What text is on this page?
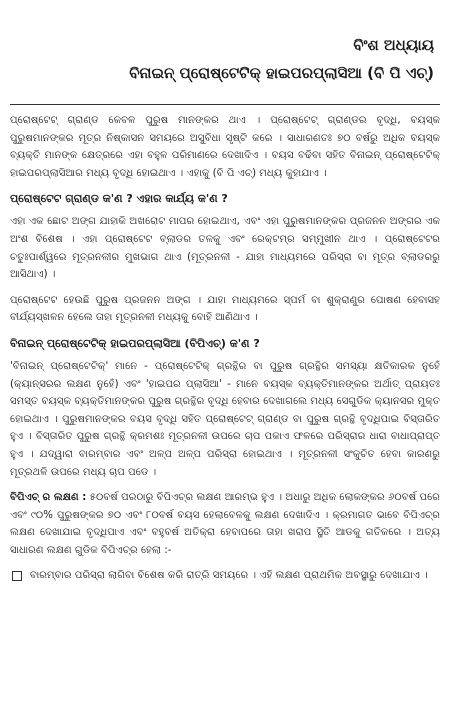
ବିଂଶ ଅଧ୍ୟାୟ
ବିନାଇନ୍ ପ୍ରୋଷ୍ଟେଟିକ୍ ହାଇପରପ୍ଲାସିଆ (ବି ପି ଏଚ୍)

ପ୍ରୋଷ୍ଟେଟ୍ ଗ୍ରାଣ୍ଡ କେବଳ ପୁରୁଷ ମାନଙ୍କର ଥାଏ । ପ୍ରୋଷ୍ଟେଟ୍ ଗ୍ରାଣ୍ଡର ବୃଦ୍ଧି, ବୟସ୍କ ପୁରୁଷମାନଙ୍କର ମୂତ୍ର ନିଷ୍କାସନ ସମୟରେ ଅସୁବିଧା ସୃଷ୍ଟି କରେ । ସାଧାରଣତଃ ୭୦ ବର୍ଷରୁ ଅଧିକ ବୟସ୍କ ବ୍ୟକ୍ତି ମାନଙ୍କ କ୍ଷେତ୍ରରେ ଏହା ବହୁଳ ପରିମାଣରେ ଦେଖାଦିଏ । ବୟସ ବଢିବା ସହିତ ବିନାଇନ୍ ପ୍ରୋଷ୍ଟେଟିକ୍ ହାଇପରପ୍ଲାସିଆର ମଧ୍ୟ ବୃଦ୍ଧି ହୋଇଥାଏ । ଏହାକୁ (ବି ପି ଏଚ୍) ମଧ୍ୟ କୁହାଯାଏ ।

ପ୍ରୋଷ୍ଟେଟ ଗ୍ରାଣ୍ଡ କ'ଣ ? ଏହାର କାର୍ଯ୍ୟ କ'ଣ ?

ଏହା ଏକ ଛୋଟ ଅଙ୍ଗ ଯାହାକି ଅଖରୋଟ ମାପର ହୋଇଥାଏ, ଏବଂ ଏହା ପୁରୁଷମାନଙ୍କର ପ୍ରଜନନ ଅଙ୍ଗର ଏକ ଅଂଶ ବିଶେଷ । ଏହା ପ୍ରୋଷ୍ଟେଟ ବ୍ଲାଡର ତଳକୁ ଏବଂ ରେକ୍ଟମ୍ର ସମ୍ମୁଖୀନ ଥାଏ । ପ୍ରୋଷ୍ଟେଟର ଚତୁଃପାର୍ଶ୍ୱରେ ମୂତ୍ରନଳୀର ମୁଖଭାଗ ଥାଏ (ମୂତ୍ରନଳୀ - ଯାହା ମାଧ୍ୟମରେ ପରିସ୍ରା ବା ମୂତ୍ର ବ୍ଲାଡରରୁ ଆସିଥାଏ) ।

ପ୍ରୋଷ୍ଟେଟ ହେଉଛି ପୁରୁଷ ପ୍ରଜନନ ଅଙ୍ଗ । ଯାହା ମାଧ୍ୟମରେ ସ୍ପର୍ମ ବା ଶୁକ୍ରାଣୁର ପୋଷଣ ହେବାସହ ବୀର୍ଯ୍ୟସ୍ଖଳନ ହେଲେ ତାହା ମୂତ୍ରନଳୀ ମଧ୍ୟକୁ ବୋହି ଆଣିଥାଏ ।

ବିନାଇନ୍ ପ୍ରୋଷ୍ଟେଟିକ୍ ହାଇପରପ୍ଲାସିଆ (ବିପିଏଚ୍) କ'ଣ ?

'ବିନାଇନ୍ ପ୍ରୋଷ୍ଟେଟିକ୍' ମାନେ - ପ୍ରୋଷ୍ଟେଟିକ୍ ଗ୍ରନ୍ଥିର ବା ପୁରୁଷ ଗ୍ରନ୍ଥିର ସମସ୍ୟା କ୍ଷତିକାରକ ନୁହେଁ (କ୍ୟାନ୍ସରର ଲକ୍ଷଣ ନୁହେଁ) ଏବଂ 'ହାଇପର ପ୍ଲାସିଆ' - ମାନେ ବୟସ୍କ ବ୍ୟକ୍ତିମାନଙ୍କର ଅର୍ଥାତ୍ ପ୍ରାୟତଃ ସମସ୍ତ ବୟସ୍କ ବ୍ୟକ୍ତିମାନଙ୍କର ପୁରୁଷ ଗ୍ରନ୍ଥିର ବୃଦ୍ଧି ହେବାର ଦେଖାଗଲେ ମଧ୍ୟ ସେଗୁଡିକ କ୍ୟାନସର ମୁକ୍ତ ହୋଇଥାଏ । ପୁରୁଷମାନଙ୍କର ବୟସ ବୃଦ୍ଧି ସହିତ ପ୍ରୋଷ୍ଟେଟ୍ ଗ୍ରାଣ୍ଡ ବା ପୁରୁଷ ଗ୍ରନ୍ଥି ବୃଦ୍ଧିପାଇ ବିସ୍ତାରିତ ହୁଏ । ବିସ୍ତାରିତ ପୁରୁଷ ଗ୍ରନ୍ଥି କ୍ରମଶଃ ମୂତ୍ରନଳୀ ଉପରେ ଚାପ ପକାଏ ଫଳରେ ପରିସ୍ରାର ଧାରା ବାଧାପ୍ରାପ୍ତ ହୁଏ । ଯଦ୍ୱାରା ବାରମ୍ବାର ଏବଂ ଅଳ୍ପ ଅଳ୍ପ ପରିସ୍ରା ହୋଇଥାଏ । ମୂତ୍ରନଳୀ ସଂକୁଚିତ ହେବା କାରଣରୁ ମୂତ୍ରଥଳି ଉପରେ ମଧ୍ୟ ଚାପ ପଡେ ।

ବିପିଏଚ୍ ର ଲକ୍ଷଣ : ୫୦ବର୍ଷ ପରଠାରୁ ବିପିଏଚ୍ର ଲକ୍ଷଣ ଆରମ୍ଭ ହୁଏ । ଅଧାରୁ ଅଧିକ ଲୋକଙ୍କର ୬୦ବର୍ଷ ପରେ ଏବଂ ୯୦% ପୁରୁଷଙ୍କର ୭୦ ଏବଂ ୮୦ବର୍ଷ ବୟସ ହେଲାବେଳକୁ ଲକ୍ଷଣ ଦେଖାଦିଏ । କ୍ରମାଗତ ଭାବେ ବିପିଏଚ୍ର ଲକ୍ଷଣ ଦେଖାଯାଇ ବୃଦ୍ଧିପାଏ ଏବଂ ବହୁବର୍ଷ ଅତିକ୍ରା ହେବାପରେ ତାହା ଖରାପ ସ୍ଥିତି ଆଡକୁ ଗତିକରେ । ଅତ୍ୟ ସାଧାରଣ ଲକ୍ଷଣ ଗୁଡିକ ବିପିଏଚ୍ର ହେଲା :-

ବାରମ୍ବାର ପରିସ୍ରା ଲାଗିବା ବିଶେଷ କରି ରାତ୍ରି ସମୟରେ । ଏହି ଲକ୍ଷଣ ପ୍ରାଥମିକ ଅବସ୍ଥାରୁ ଦେଖାଯାଏ ।
